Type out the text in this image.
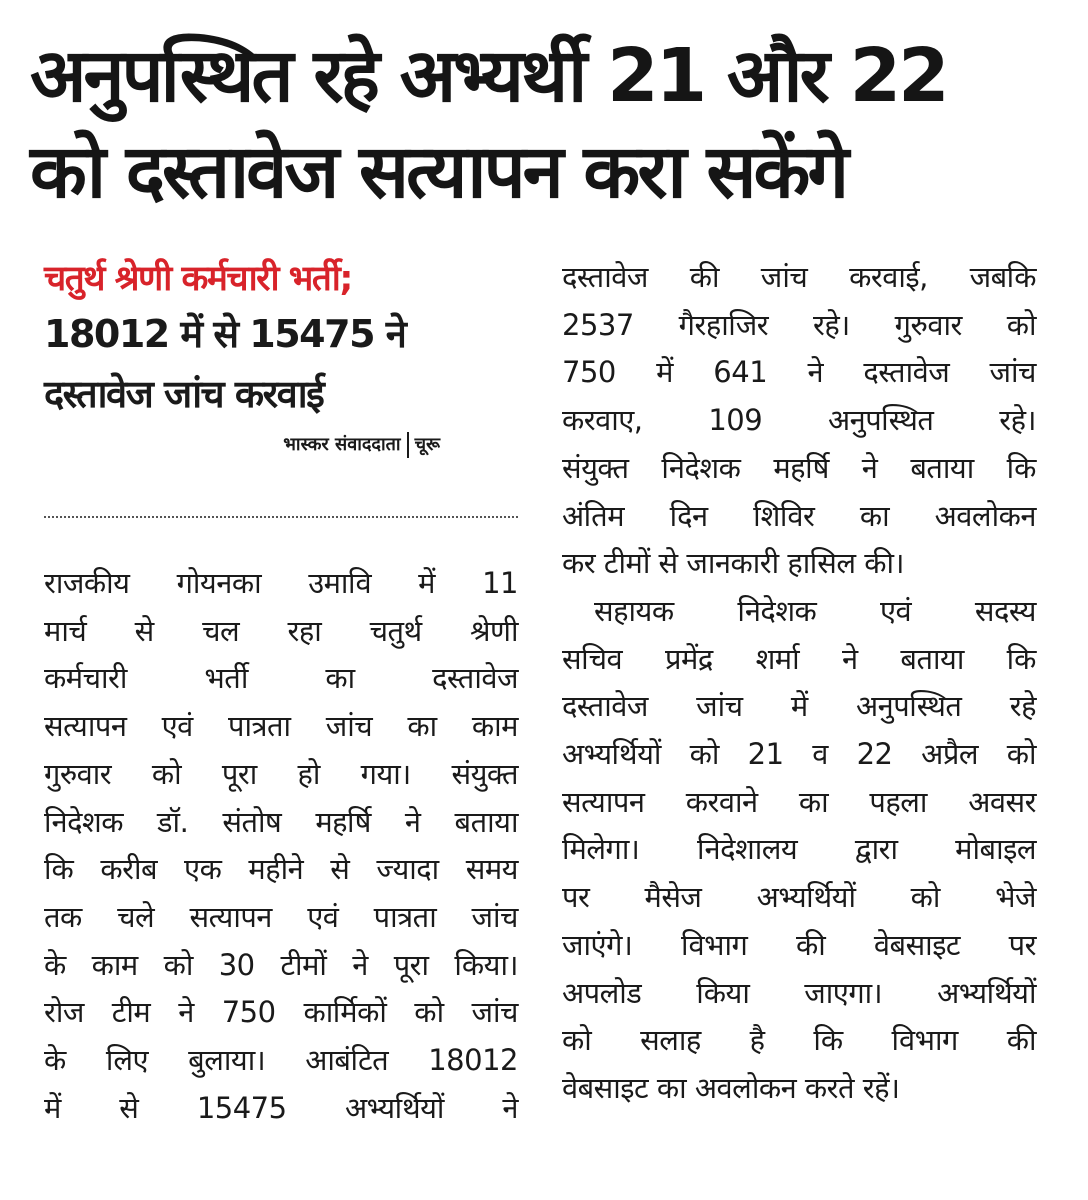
अनुपस्थित रहे अभ्यर्थी 21 और 22
को दस्तावेज सत्यापन करा सकेंगे
चतुर्थ श्रेणी कर्मचारी भर्ती;
18012 में से 15475 ने
दस्तावेज जांच करवाई
भास्कर संवाददाता चूरू
राजकीय गोयनका उमावि में 11
मार्च से चल रहा चतुर्थ श्रेणी
कर्मचारी	भर्ती	का	दस्तावेज
सत्यापन एवं पात्रता जांच का काम
गुरुवार को पूरा हो गया। संयुक्त
निदेशक डॉ. संतोष महर्षि ने बताया
कि करीब एक महीने से ज्यादा समय
तक चले सत्यापन एवं पात्रता जांच
के काम को 30 टीमों ने पूरा किया।
रोज टीम ने 750 कार्मिकों को जांच
के लिए बुलाया। आबंटित 18012
में से 15475 अभ्यर्थियों ने
दस्तावेज की जांच करवाई, जबकि
2537 गैरहाजिर रहे। गुरुवार को
750 में 641 ने दस्तावेज जांच
करवाए, 109 अनुपस्थित रहे।
संयुक्त निदेशक महर्षि ने बताया कि
अंतिम दिन शिविर का अवलोकन
कर टीमों से जानकारी हासिल की।
सहायक निदेशक एवं सदस्य
सचिव प्रमेंद्र शर्मा ने बताया कि
दस्तावेज जांच में अनुपस्थित रहे
अभ्यर्थियों को 21 व 22 अप्रैल को
सत्यापन करवाने का पहला अवसर
मिलेगा। निदेशालय द्वारा मोबाइल
पर मैसेज अभ्यर्थियों को भेजे
जाएंगे। विभाग की वेबसाइट पर
अपलोड किया जाएगा। अभ्यर्थियों
को सलाह है कि विभाग की
वेबसाइट का अवलोकन करते रहें।
